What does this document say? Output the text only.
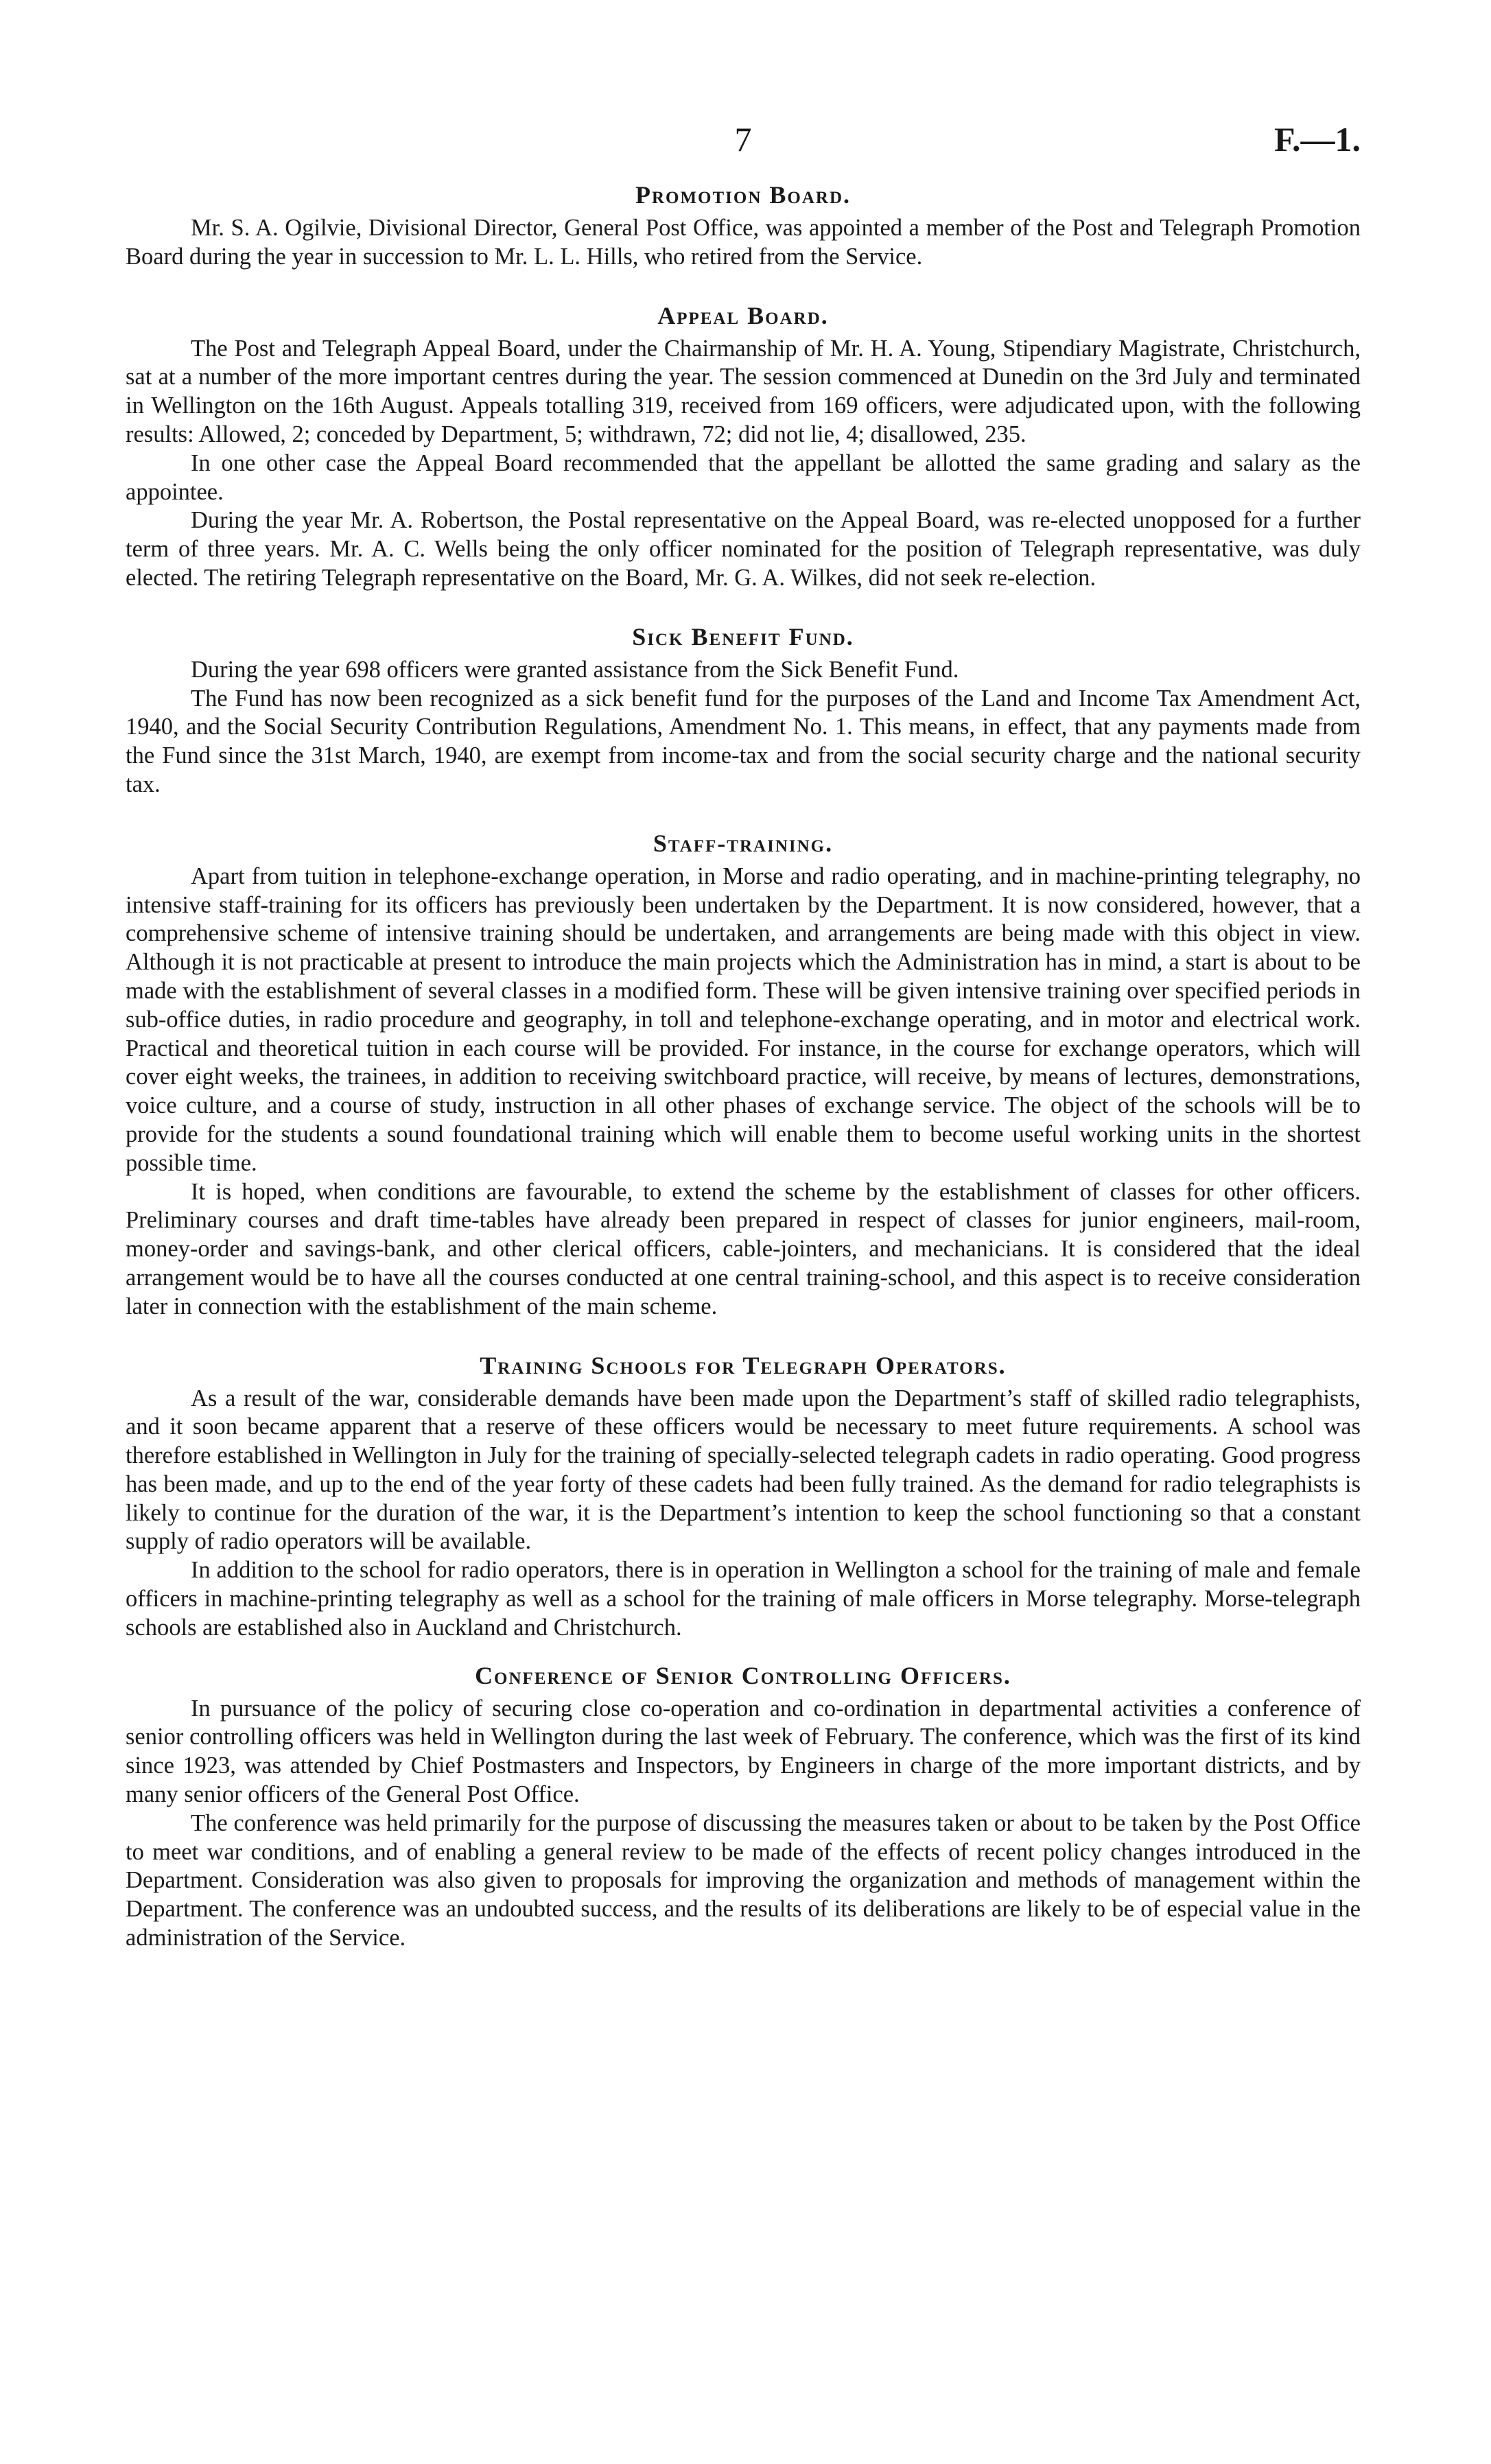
7	F.—1.
Promotion Board.

Mr. S. A. Ogilvie, Divisional Director, General Post Office, was appointed a member of the Post and Telegraph Promotion Board during the year in succession to Mr. L. L. Hills, who retired from the Service.

Appeal Board.

The Post and Telegraph Appeal Board, under the Chairmanship of Mr. H. A. Young, Stipendiary Magistrate, Christchurch, sat at a number of the more important centres during the year. The session commenced at Dunedin on the 3rd July and terminated in Wellington on the 16th August. Appeals totalling 319, received from 169 officers, were adjudicated upon, with the following results: Allowed, 2; conceded by Department, 5; withdrawn, 72; did not lie, 4; disallowed, 235.

In one other case the Appeal Board recommended that the appellant be allotted the same grading and salary as the appointee.

During the year Mr. A. Robertson, the Postal representative on the Appeal Board, was re-elected unopposed for a further term of three years. Mr. A. C. Wells being the only officer nominated for the position of Telegraph representative, was duly elected. The retiring Telegraph representative on the Board, Mr. G. A. Wilkes, did not seek re-election.

Sick Benefit Fund.

During the year 698 officers were granted assistance from the Sick Benefit Fund.

The Fund has now been recognized as a sick benefit fund for the purposes of the Land and Income Tax Amendment Act, 1940, and the Social Security Contribution Regulations, Amendment No. 1. This means, in effect, that any payments made from the Fund since the 31st March, 1940, are exempt from income-tax and from the social security charge and the national security tax.

Staff-training.

Apart from tuition in telephone-exchange operation, in Morse and radio operating, and in machine-printing telegraphy, no intensive staff-training for its officers has previously been undertaken by the Department. It is now considered, however, that a comprehensive scheme of intensive training should be undertaken, and arrangements are being made with this object in view. Although it is not practicable at present to introduce the main projects which the Administration has in mind, a start is about to be made with the establishment of several classes in a modified form. These will be given intensive training over specified periods in sub-office duties, in radio procedure and geography, in toll and telephone-exchange operating, and in motor and electrical work. Practical and theoretical tuition in each course will be provided. For instance, in the course for exchange operators, which will cover eight weeks, the trainees, in addition to receiving switchboard practice, will receive, by means of lectures, demonstrations, voice culture, and a course of study, instruction in all other phases of exchange service. The object of the schools will be to provide for the students a sound foundational training which will enable them to become useful working units in the shortest possible time.

It is hoped, when conditions are favourable, to extend the scheme by the establishment of classes for other officers. Preliminary courses and draft time-tables have already been prepared in respect of classes for junior engineers, mail-room, money-order and savings-bank, and other clerical officers, cable-jointers, and mechanicians. It is considered that the ideal arrangement would be to have all the courses conducted at one central training-school, and this aspect is to receive consideration later in connection with the establishment of the main scheme.

Training Schools for Telegraph Operators.

As a result of the war, considerable demands have been made upon the Department’s staff of skilled radio telegraphists, and it soon became apparent that a reserve of these officers would be necessary to meet future requirements. A school was therefore established in Wellington in July for the training of specially-selected telegraph cadets in radio operating. Good progress has been made, and up to the end of the year forty of these cadets had been fully trained. As the demand for radio telegraphists is likely to continue for the duration of the war, it is the Department’s intention to keep the school functioning so that a constant supply of radio operators will be available.

In addition to the school for radio operators, there is in operation in Wellington a school for the training of male and female officers in machine-printing telegraphy as well as a school for the training of male officers in Morse telegraphy. Morse-telegraph schools are established also in Auckland and Christchurch.

Conference of Senior Controlling Officers.

In pursuance of the policy of securing close co-operation and co-ordination in departmental activities a conference of senior controlling officers was held in Wellington during the last week of February. The conference, which was the first of its kind since 1923, was attended by Chief Postmasters and Inspectors, by Engineers in charge of the more important districts, and by many senior officers of the General Post Office.

The conference was held primarily for the purpose of discussing the measures taken or about to be taken by the Post Office to meet war conditions, and of enabling a general review to be made of the effects of recent policy changes introduced in the Department. Consideration was also given to proposals for improving the organization and methods of management within the Department. The conference was an undoubted success, and the results of its deliberations are likely to be of especial value in the administration of the Service.
